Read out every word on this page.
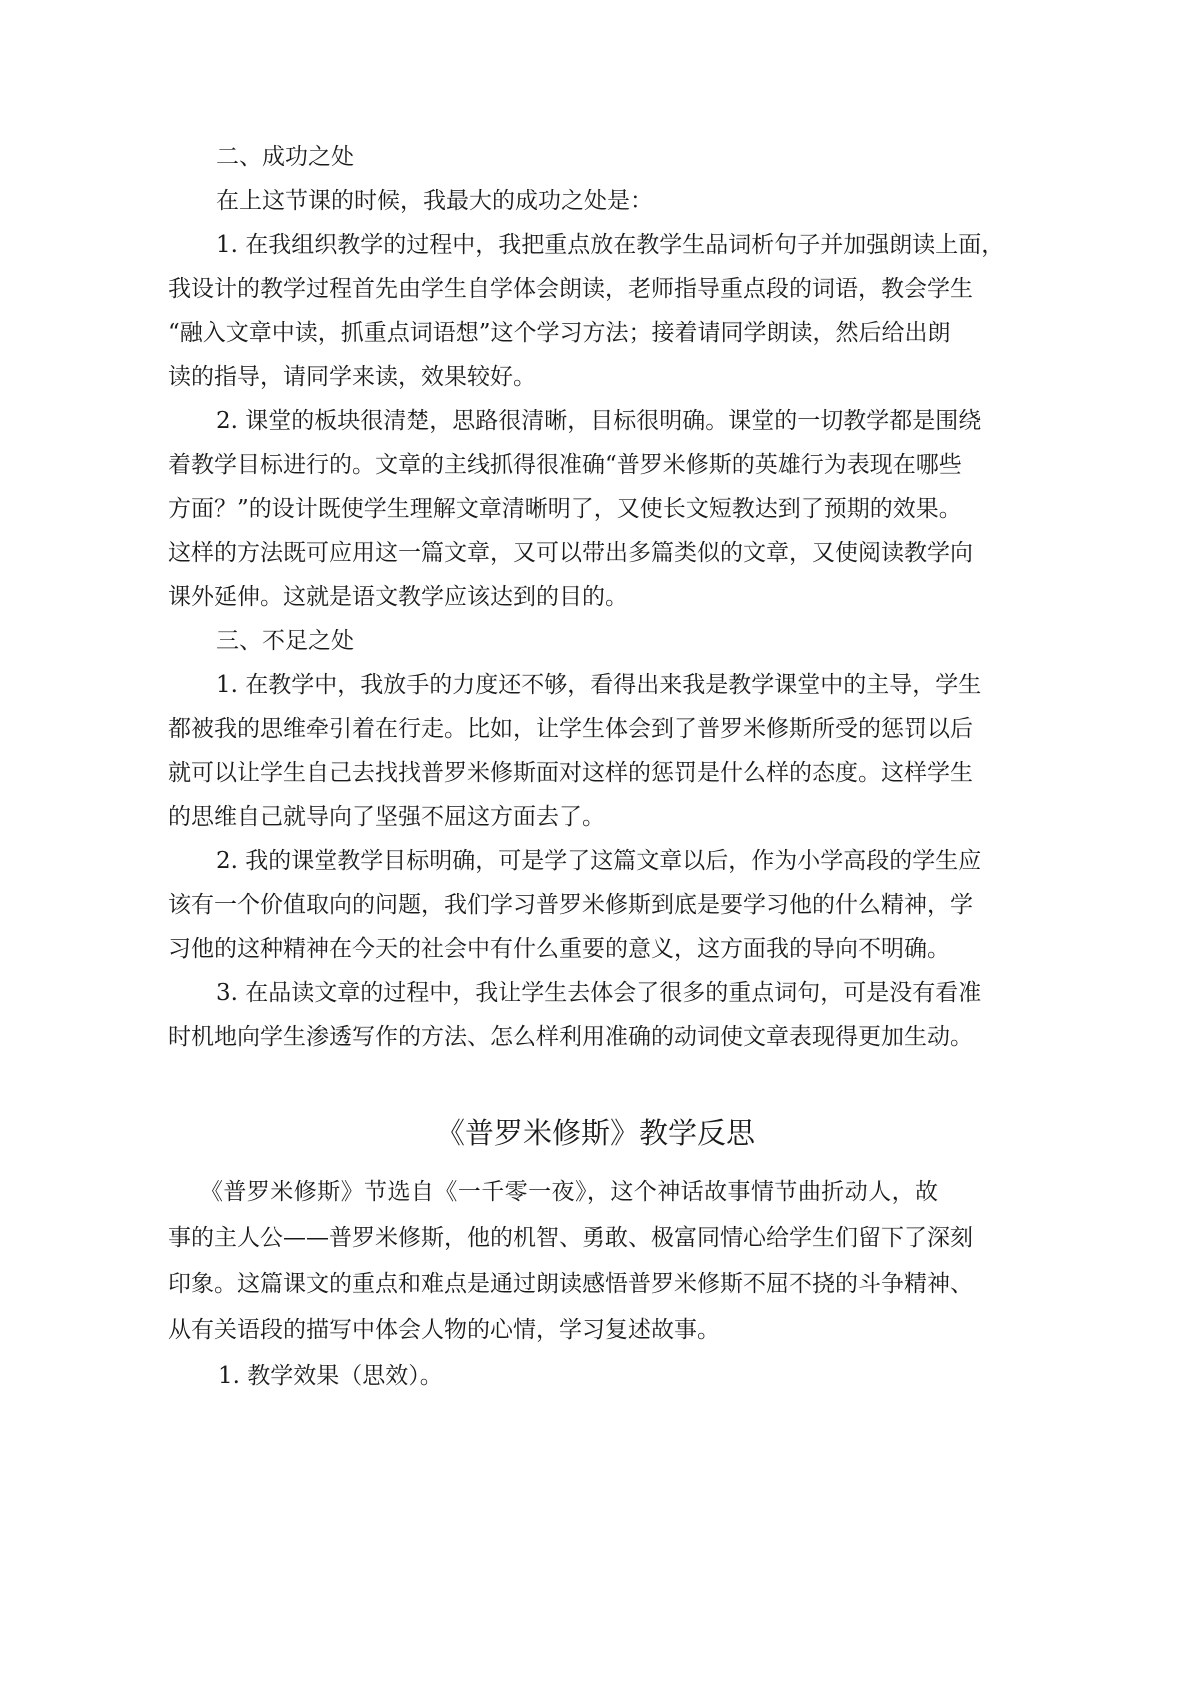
二、成功之处
在上这节课的时候，我最大的成功之处是：
1. 在我组织教学的过程中，我把重点放在教学生品词析句子并加强朗读上面，
我设计的教学过程首先由学生自学体会朗读，老师指导重点段的词语，教会学生
“融入文章中读，抓重点词语想”这个学习方法；接着请同学朗读，然后给出朗
读的指导，请同学来读，效果较好。
2. 课堂的板块很清楚，思路很清晰，目标很明确。课堂的一切教学都是围绕
着教学目标进行的。文章的主线抓得很准确“普罗米修斯的英雄行为表现在哪些
方面？”的设计既使学生理解文章清晰明了，又使长文短教达到了预期的效果。
这样的方法既可应用这一篇文章，又可以带出多篇类似的文章，又使阅读教学向
课外延伸。这就是语文教学应该达到的目的。
三、不足之处
1. 在教学中，我放手的力度还不够，看得出来我是教学课堂中的主导，学生
都被我的思维牵引着在行走。比如，让学生体会到了普罗米修斯所受的惩罚以后
就可以让学生自己去找找普罗米修斯面对这样的惩罚是什么样的态度。这样学生
的思维自己就导向了坚强不屈这方面去了。
2. 我的课堂教学目标明确，可是学了这篇文章以后，作为小学高段的学生应
该有一个价值取向的问题，我们学习普罗米修斯到底是要学习他的什么精神，学
习他的这种精神在今天的社会中有什么重要的意义，这方面我的导向不明确。
3. 在品读文章的过程中，我让学生去体会了很多的重点词句，可是没有看准
时机地向学生渗透写作的方法、怎么样利用准确的动词使文章表现得更加生动。
《普罗米修斯》教学反思
《普罗米修斯》节选自《一千零一夜》，这个神话故事情节曲折动人，故
事的主人公——普罗米修斯，他的机智、勇敢、极富同情心给学生们留下了深刻
印象。这篇课文的重点和难点是通过朗读感悟普罗米修斯不屈不挠的斗争精神、
从有关语段的描写中体会人物的心情，学习复述故事。
1. 教学效果（思效）。
